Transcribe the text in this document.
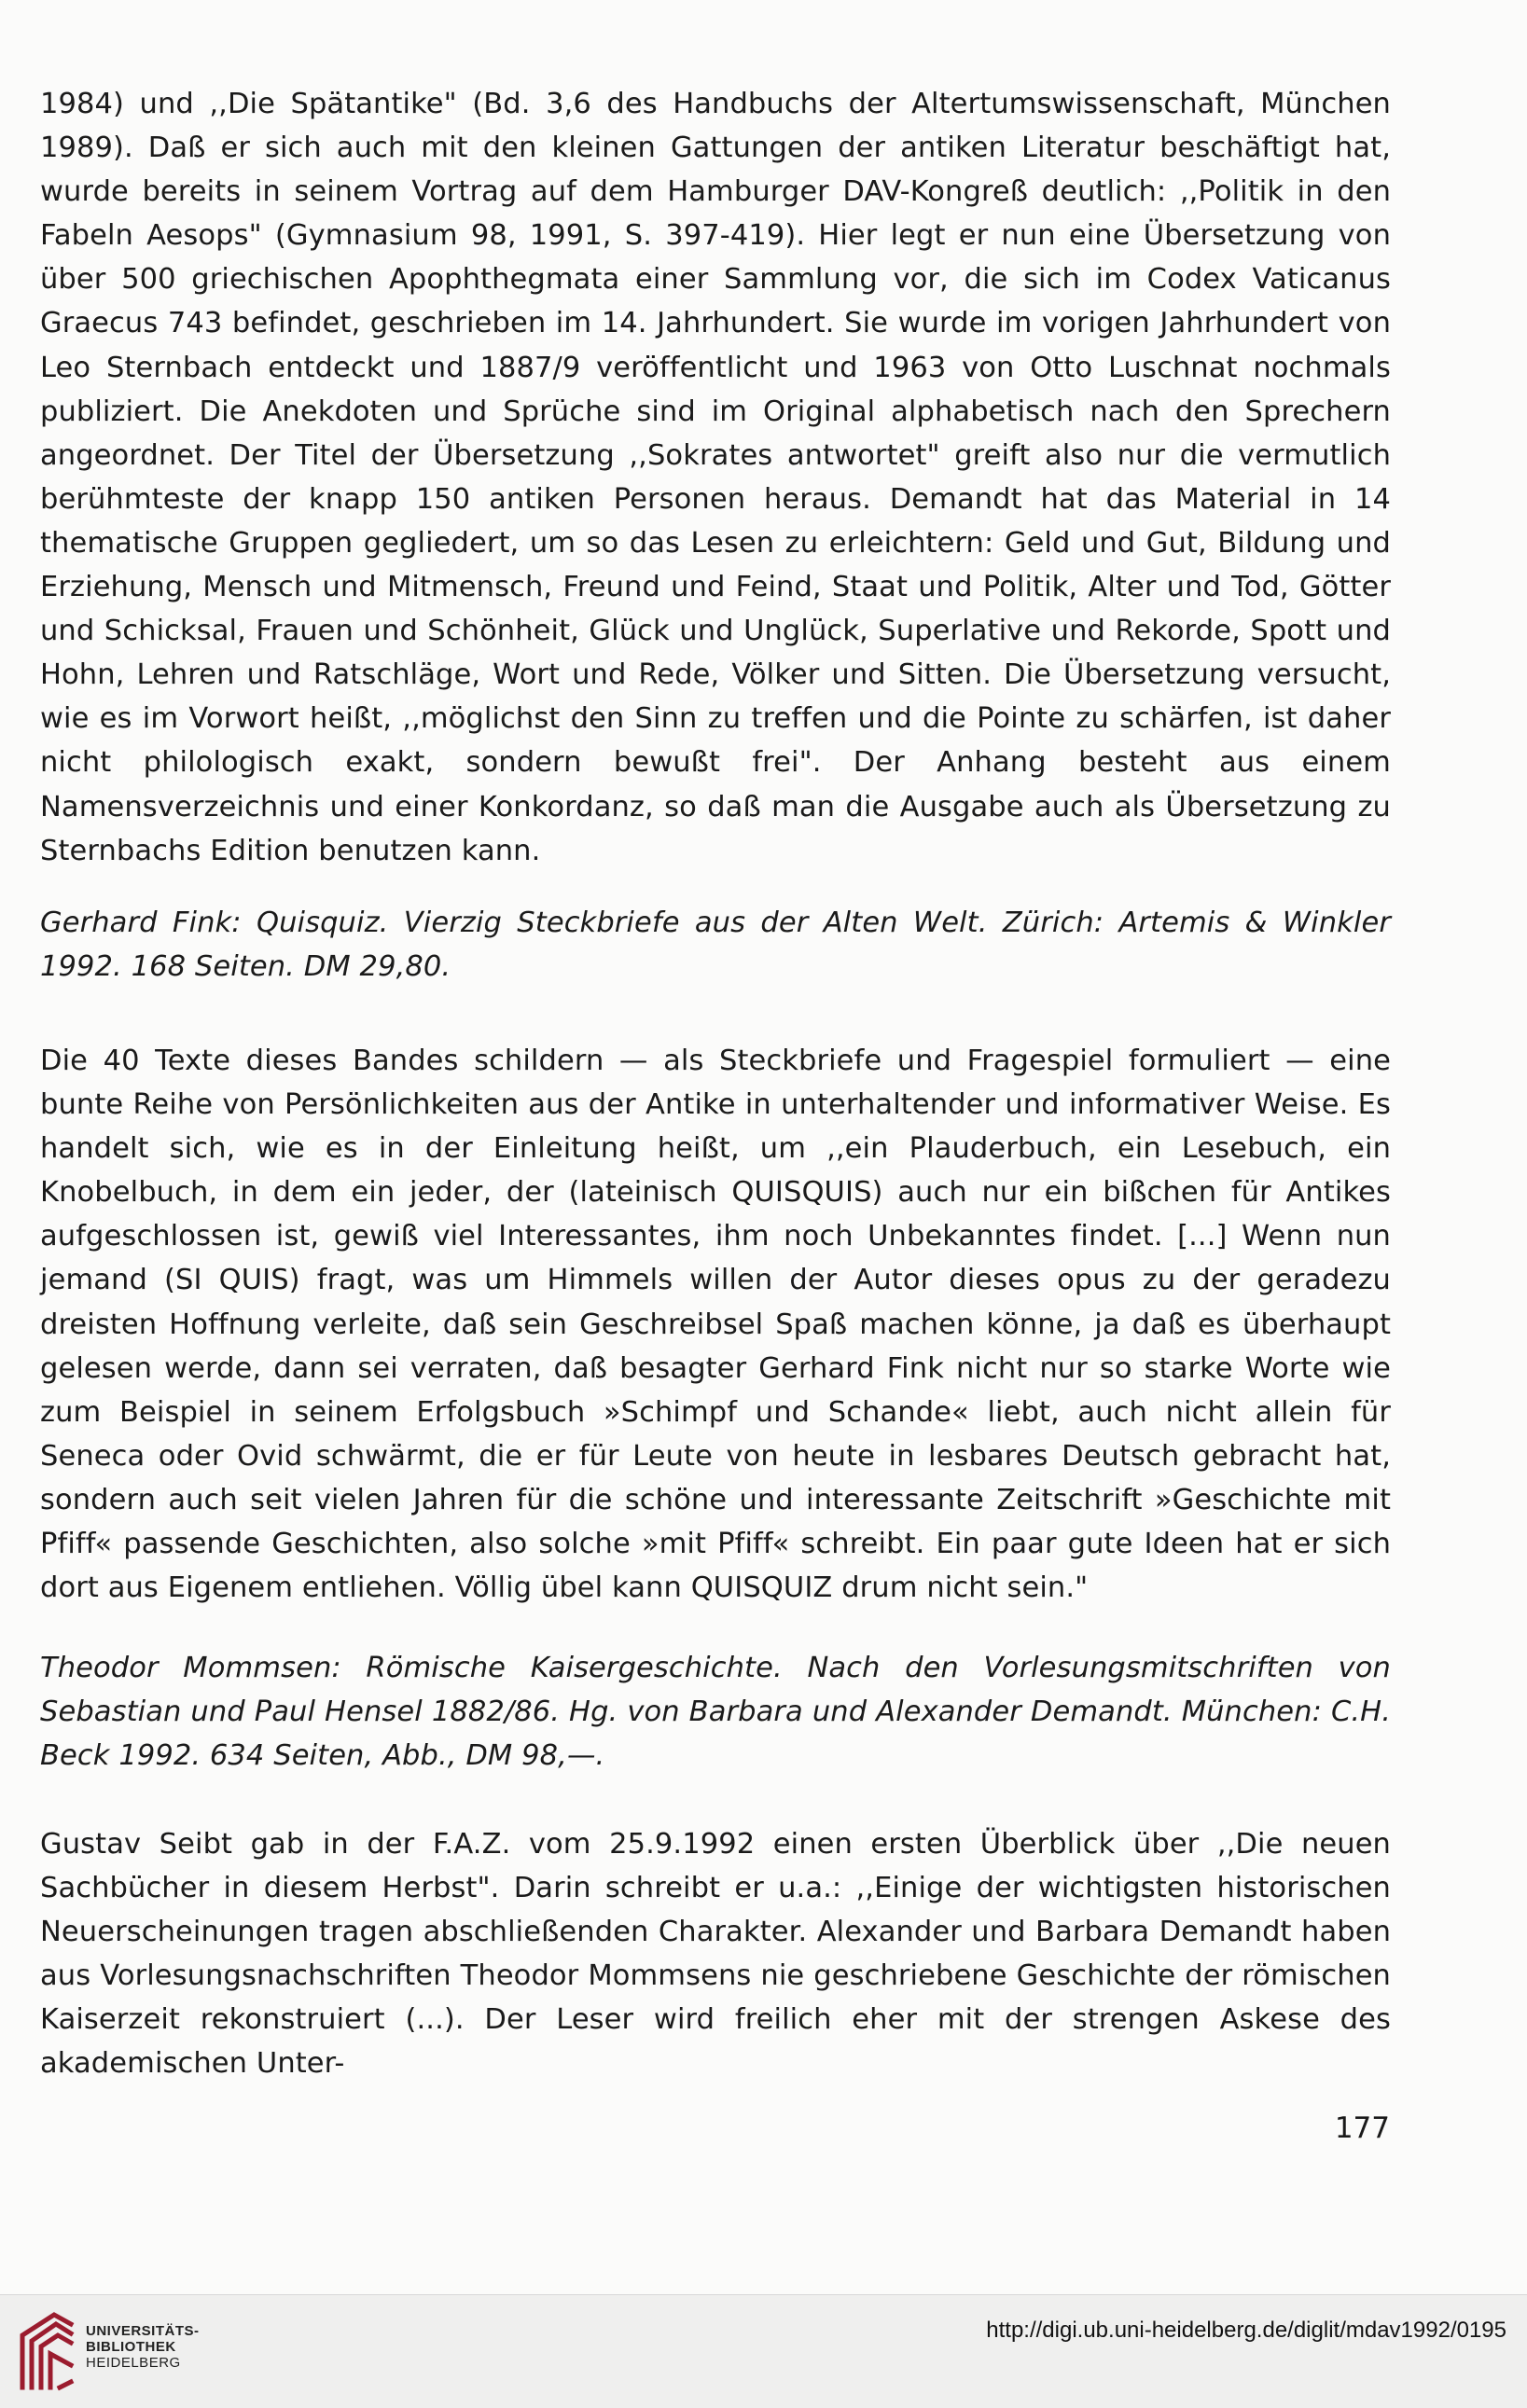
1984) und ,,Die Spätantike" (Bd. 3,6 des Handbuchs der Altertumswissenschaft, München 1989). Daß er sich auch mit den kleinen Gattungen der antiken Literatur beschäftigt hat, wurde bereits in seinem Vortrag auf dem Hamburger DAV-Kongreß deutlich: ,,Politik in den Fabeln Aesops" (Gymnasium 98, 1991, S. 397-419). Hier legt er nun eine Übersetzung von über 500 griechischen Apophthegmata einer Sammlung vor, die sich im Codex Vaticanus Graecus 743 befindet, geschrieben im 14. Jahrhundert. Sie wurde im vorigen Jahrhundert von Leo Sternbach entdeckt und 1887/9 veröffentlicht und 1963 von Otto Luschnat nochmals publiziert. Die Anekdoten und Sprüche sind im Original alphabetisch nach den Sprechern angeordnet. Der Titel der Übersetzung ,,Sokrates antwortet" greift also nur die vermutlich berühmteste der knapp 150 antiken Personen heraus. Demandt hat das Material in 14 thematische Gruppen gegliedert, um so das Lesen zu erleichtern: Geld und Gut, Bildung und Erziehung, Mensch und Mitmensch, Freund und Feind, Staat und Politik, Alter und Tod, Götter und Schicksal, Frauen und Schönheit, Glück und Unglück, Superlative und Rekorde, Spott und Hohn, Lehren und Ratschläge, Wort und Rede, Völker und Sitten. Die Übersetzung versucht, wie es im Vorwort heißt, ,,möglichst den Sinn zu treffen und die Pointe zu schärfen, ist daher nicht philologisch exakt, sondern bewußt frei". Der Anhang besteht aus einem Namensverzeichnis und einer Konkordanz, so daß man die Ausgabe auch als Übersetzung zu Sternbachs Edition benutzen kann.
Gerhard Fink: Quisquiz. Vierzig Steckbriefe aus der Alten Welt. Zürich: Artemis & Winkler 1992. 168 Seiten. DM 29,80.
Die 40 Texte dieses Bandes schildern — als Steckbriefe und Fragespiel formuliert — eine bunte Reihe von Persönlichkeiten aus der Antike in unterhaltender und informativer Weise. Es handelt sich, wie es in der Einleitung heißt, um ,,ein Plauderbuch, ein Lesebuch, ein Knobelbuch, in dem ein jeder, der (lateinisch QUISQUIS) auch nur ein bißchen für Antikes aufgeschlossen ist, gewiß viel Interessantes, ihm noch Unbekanntes findet. [...] Wenn nun jemand (SI QUIS) fragt, was um Himmels willen der Autor dieses opus zu der geradezu dreisten Hoffnung verleite, daß sein Geschreibsel Spaß machen könne, ja daß es überhaupt gelesen werde, dann sei verraten, daß besagter Gerhard Fink nicht nur so starke Worte wie zum Beispiel in seinem Erfolgsbuch »Schimpf und Schande« liebt, auch nicht allein für Seneca oder Ovid schwärmt, die er für Leute von heute in lesbares Deutsch gebracht hat, sondern auch seit vielen Jahren für die schöne und interessante Zeitschrift »Geschichte mit Pfiff« passende Geschichten, also solche »mit Pfiff« schreibt. Ein paar gute Ideen hat er sich dort aus Eigenem entliehen. Völlig übel kann QUISQUIZ drum nicht sein."
Theodor Mommsen: Römische Kaisergeschichte. Nach den Vorlesungsmitschriften von Sebastian und Paul Hensel 1882/86. Hg. von Barbara und Alexander Demandt. München: C.H. Beck 1992. 634 Seiten, Abb., DM 98,—.
Gustav Seibt gab in der F.A.Z. vom 25.9.1992 einen ersten Überblick über ,,Die neuen Sachbücher in diesem Herbst". Darin schreibt er u.a.: ,,Einige der wichtigsten historischen Neuerscheinungen tragen abschließenden Charakter. Alexander und Barbara Demandt haben aus Vorlesungsnachschriften Theodor Mommsens nie geschriebene Geschichte der römischen Kaiserzeit rekonstruiert (...). Der Leser wird freilich eher mit der strengen Askese des akademischen Unter-
177
UNIVERSITÄTS-
BIBLIOTHEK
HEIDELBERG
http://digi.ub.uni-heidelberg.de/diglit/mdav1992/0195
